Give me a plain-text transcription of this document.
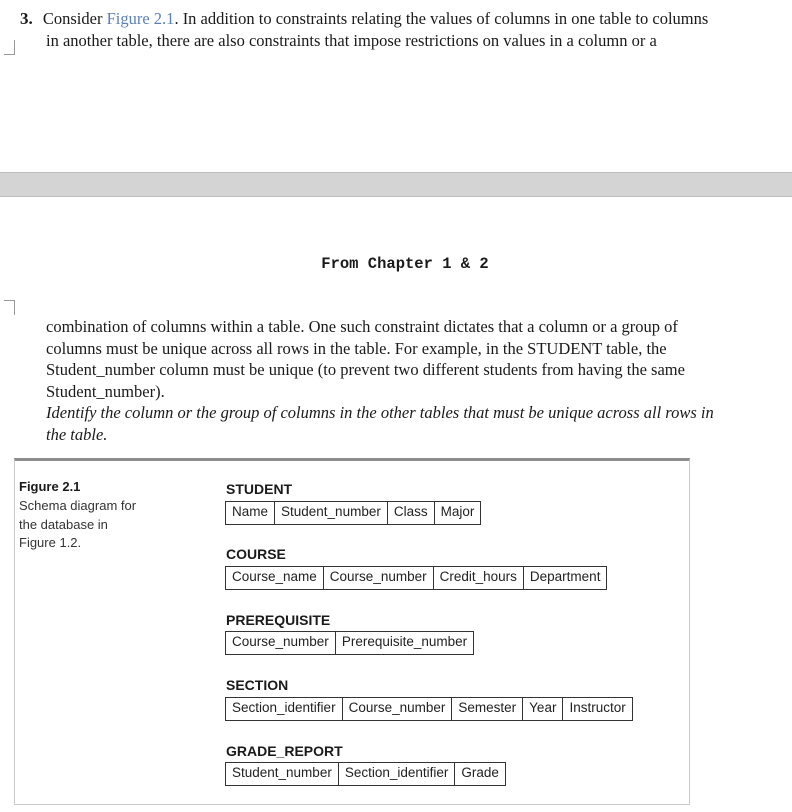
3. Consider Figure 2.1. In addition to constraints relating the values of columns in one table to columns
in another table, there are also constraints that impose restrictions on values in a column or a
From Chapter 1 & 2
combination of columns within a table. One such constraint dictates that a column or a group of
columns must be unique across all rows in the table. For example, in the STUDENT table, the
Student_number column must be unique (to prevent two different students from having the same
Student_number).
Identify the column or the group of columns in the other tables that must be unique across all rows in
the table.
Figure 2.1
Schema diagram for
the database in
Figure 1.2.
STUDENT
Name Student_number Class Major
COURSE
Course_name Course_number Credit_hours Department
PREREQUISITE
Course_number Prerequisite_number
SECTION
Section_identifier Course_number Semester Year Instructor
GRADE_REPORT
Student_number Section_identifier Grade
